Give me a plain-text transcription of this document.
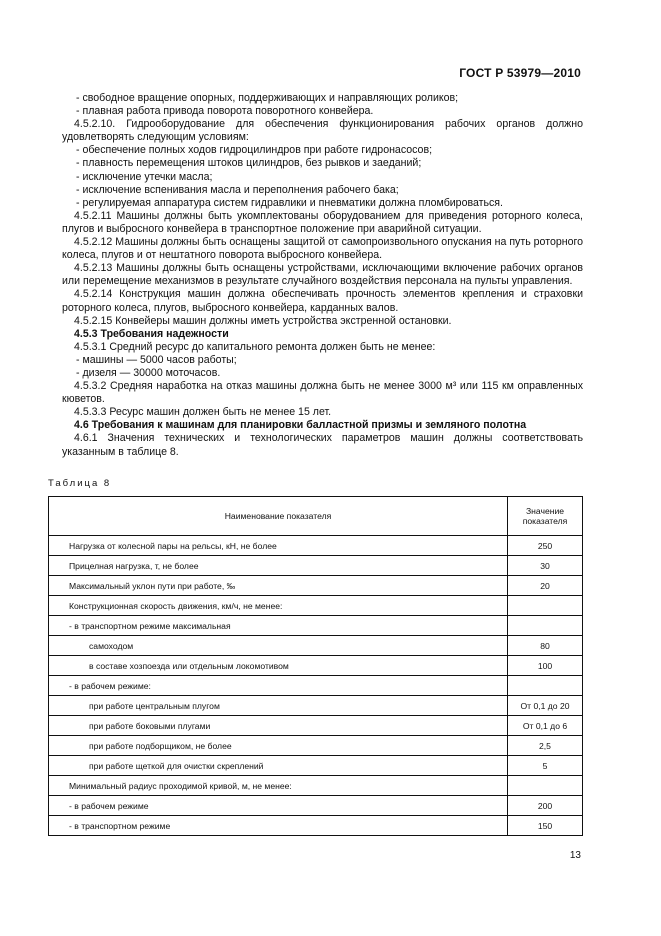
ГОСТ Р 53979—2010

- свободное вращение опорных, поддерживающих и направляющих роликов;

- плавная работа привода поворота поворотного конвейера.

4.5.2.10. Гидрооборудование для обеспечения функционирования рабочих органов должно удовлетворять следующим условиям:

- обеспечение полных ходов гидроцилиндров при работе гидронасосов;

- плавность перемещения штоков цилиндров, без рывков и заеданий;

- исключение утечки масла;

- исключение вспенивания масла и переполнения рабочего бака;

- регулируемая аппаратура систем гидравлики и пневматики должна пломбироваться.

4.5.2.11 Машины должны быть укомплектованы оборудованием для приведения роторного колеса, плугов и выбросного конвейера в транспортное положение при аварийной ситуации.

4.5.2.12 Машины должны быть оснащены защитой от самопроизвольного опускания на путь роторного колеса, плугов и от нештатного поворота выбросного конвейера.

4.5.2.13 Машины должны быть оснащены устройствами, исключающими включение рабочих органов или перемещение механизмов в результате случайного воздействия персонала на пульты управления.

4.5.2.14 Конструкция машин должна обеспечивать прочность элементов крепления и страховки роторного колеса, плугов, выбросного конвейера, карданных валов.

4.5.2.15 Конвейеры машин должны иметь устройства экстренной остановки.

4.5.3 Требования надежности

4.5.3.1 Средний ресурс до капитального ремонта должен быть не менее:

- машины — 5000 часов работы;

- дизеля — 30000 моточасов.

4.5.3.2 Средняя наработка на отказ машины должна быть не менее 3000 м³ или 115 км оправленных кюветов.

4.5.3.3 Ресурс машин должен быть не менее 15 лет.

4.6 Требования к машинам для планировки балластной призмы и земляного полотна

4.6.1 Значения технических и технологических параметров машин должны соответствовать указанным в таблице 8.

Таблица 8
Наименование показателя	Значение показателя
Нагрузка от колесной пары на рельсы, кН, не более	250
Прицелная нагрузка, т, не более	30
Максимальный уклон пути при работе, ‰	20
Конструкционная скорость движения, км/ч, не менее:	
- в транспортном режиме максимальная	
самоходом	80
в составе хозпоезда или отдельным локомотивом	100
- в рабочем режиме:	
при работе центральным плугом	От 0,1 до 20
при работе боковыми плугами	От 0,1 до 6
при работе подборщиком, не более	2,5
при работе щеткой для очистки скреплений	5
Минимальный радиус проходимой кривой, м, не менее:	
- в рабочем режиме	200
- в транспортном режиме	150
13
